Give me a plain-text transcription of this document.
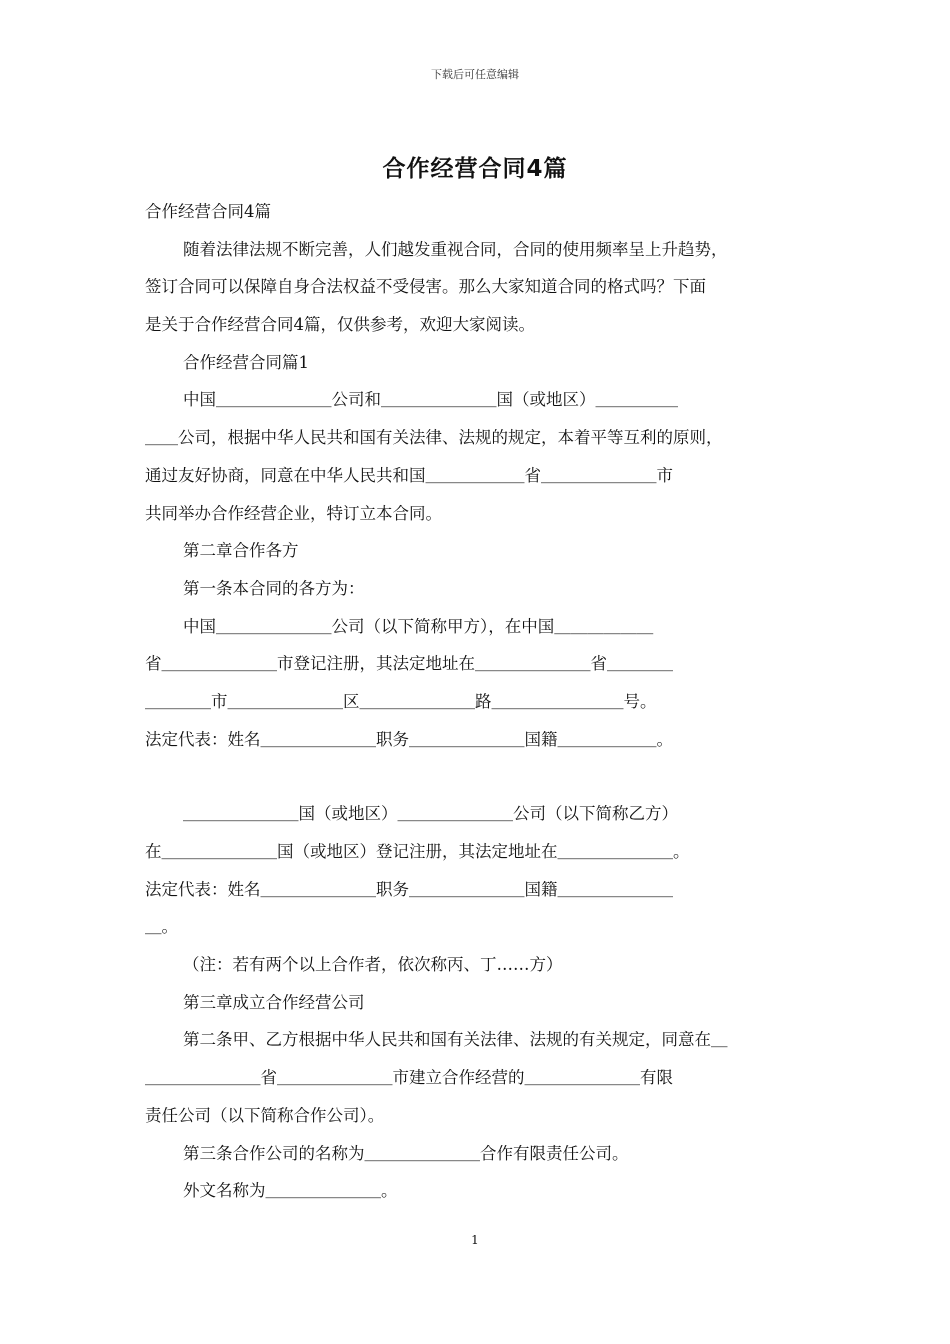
下载后可任意编辑
合作经营合同4篇
合作经营合同4篇
随着法律法规不断完善，人们越发重视合同，合同的使用频率呈上升趋势，
签订合同可以保障自身合法权益不受侵害。那么大家知道合同的格式吗？下面
是关于合作经营合同4篇，仅供参考，欢迎大家阅读。
合作经营合同篇1
中国＿＿＿＿＿＿＿公司和＿＿＿＿＿＿＿国（或地区）＿＿＿＿＿
＿＿公司，根据中华人民共和国有关法律、法规的规定，本着平等互利的原则，
通过友好协商，同意在中华人民共和国＿＿＿＿＿＿省＿＿＿＿＿＿＿市
共同举办合作经营企业，特订立本合同。
第二章合作各方
第一条本合同的各方为：
中国＿＿＿＿＿＿＿公司（以下简称甲方），在中国＿＿＿＿＿＿
省＿＿＿＿＿＿＿市登记注册，其法定地址在＿＿＿＿＿＿＿省＿＿＿＿
＿＿＿＿市＿＿＿＿＿＿＿区＿＿＿＿＿＿＿路＿＿＿＿＿＿＿＿号。
法定代表：姓名＿＿＿＿＿＿＿职务＿＿＿＿＿＿＿国籍＿＿＿＿＿＿。
＿＿＿＿＿＿＿国（或地区）＿＿＿＿＿＿＿公司（以下简称乙方）
在＿＿＿＿＿＿＿国（或地区）登记注册，其法定地址在＿＿＿＿＿＿＿。
法定代表：姓名＿＿＿＿＿＿＿职务＿＿＿＿＿＿＿国籍＿＿＿＿＿＿＿
＿。
（注：若有两个以上合作者，依次称丙、丁……方）
第三章成立合作经营公司
第二条甲、乙方根据中华人民共和国有关法律、法规的有关规定，同意在＿
＿＿＿＿＿＿＿省＿＿＿＿＿＿＿市建立合作经营的＿＿＿＿＿＿＿有限
责任公司（以下简称合作公司）。
第三条合作公司的名称为＿＿＿＿＿＿＿合作有限责任公司。
外文名称为＿＿＿＿＿＿＿。
1
